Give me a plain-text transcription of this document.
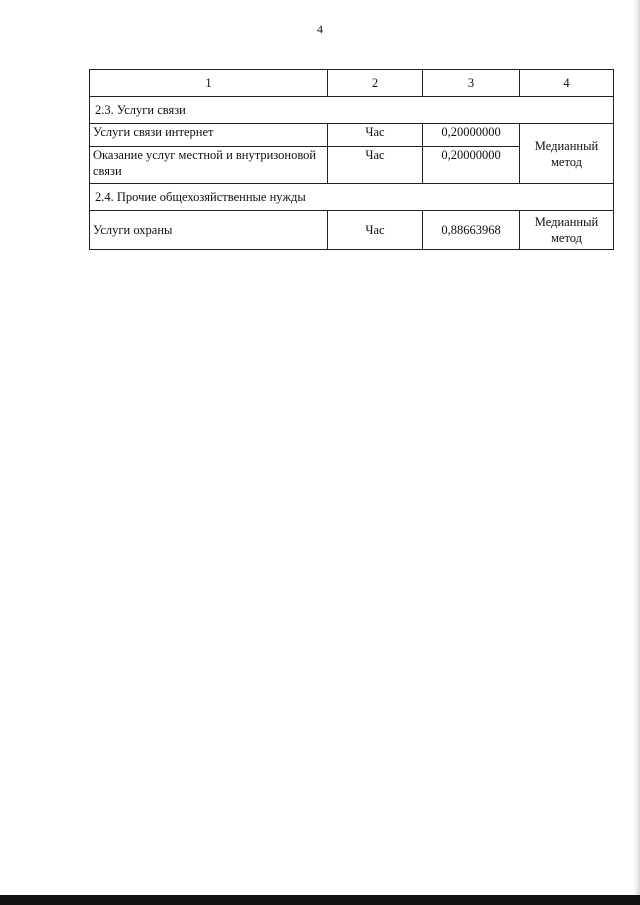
4
1	2	3	4
2.3. Услуги связи			
Услуги связи интернет	Час	0,20000000	Медианный метод
Оказание услуг местной и внутризоновой связи	Час	0,20000000	
2.4. Прочие общехозяйственные нужды			
Услуги охраны	Час	0,88663968	Медианный метод
